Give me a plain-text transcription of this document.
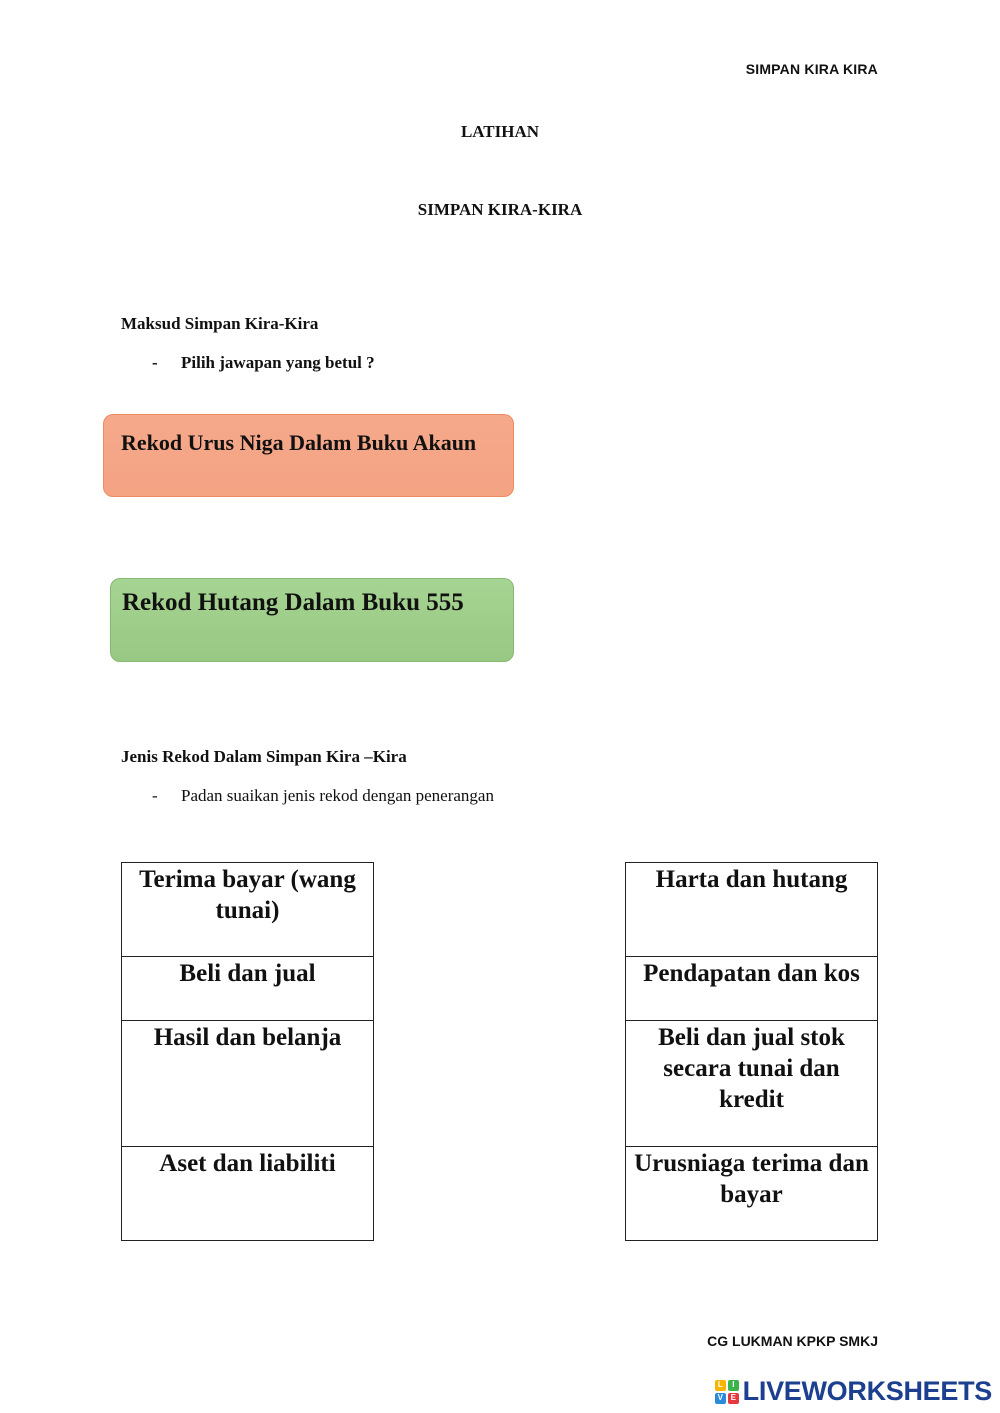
SIMPAN KIRA KIRA
LATIHAN
SIMPAN KIRA-KIRA
Maksud Simpan Kira-Kira
- Pilih jawapan yang betul ?
Rekod Urus Niga Dalam Buku Akaun
Rekod Hutang Dalam Buku 555
Jenis Rekod Dalam Simpan Kira –Kira
- Padan suaikan jenis rekod dengan penerangan
Terima bayar (wang tunai)
Beli dan jual
Hasil dan belanja
Aset dan liabiliti
Harta dan hutang
Pendapatan dan kos
Beli dan jual stok secara tunai dan kredit
Urusniaga terima dan bayar
CG LUKMAN KPKP SMKJ
L	I
V E LIVEWORKSHEETS
